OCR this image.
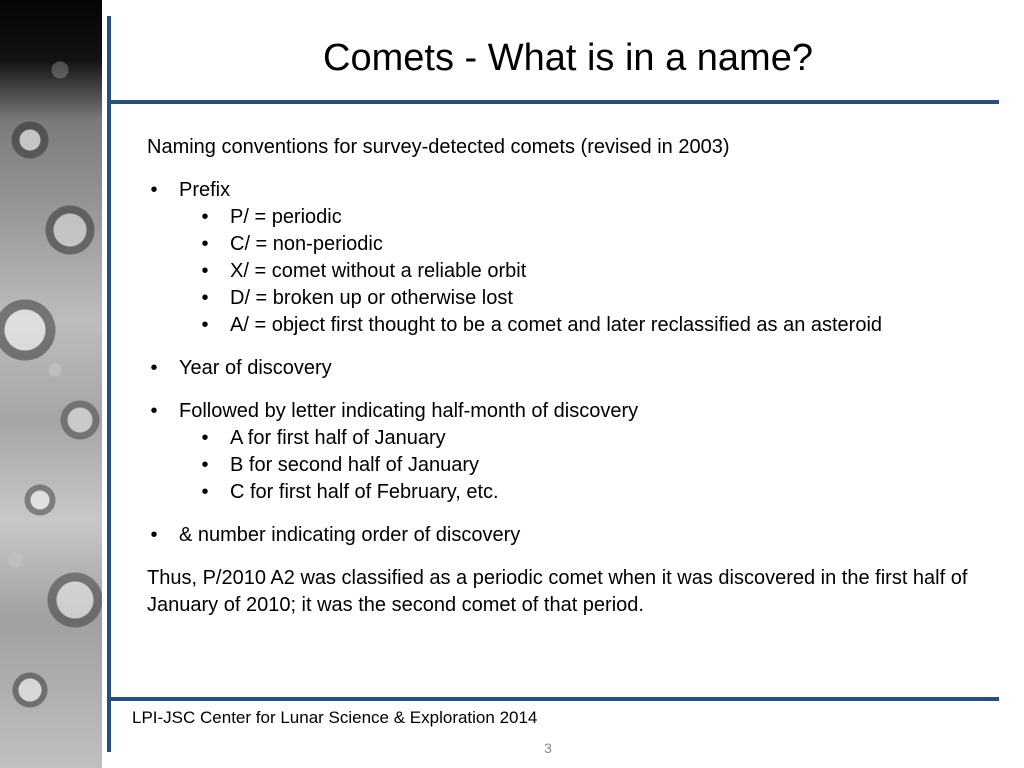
Comets - What is in a name?

Naming conventions for survey-detected comets (revised in 2003)

• Prefix
• P/ = periodic
• C/ = non-periodic
• X/ = comet without a reliable orbit
• D/ = broken up or otherwise lost
• A/ = object first thought to be a comet and later reclassified as an asteroid
• Year of discovery
• Followed by letter indicating half-month of discovery
• A for first half of January
• B for second half of January
• C for first half of February, etc.
• & number indicating order of discovery

Thus, P/2010 A2 was classified as a periodic comet when it was discovered in the first half of January of 2010; it was the second comet of that period.

LPI-JSC Center for Lunar Science & Exploration 2014
3
